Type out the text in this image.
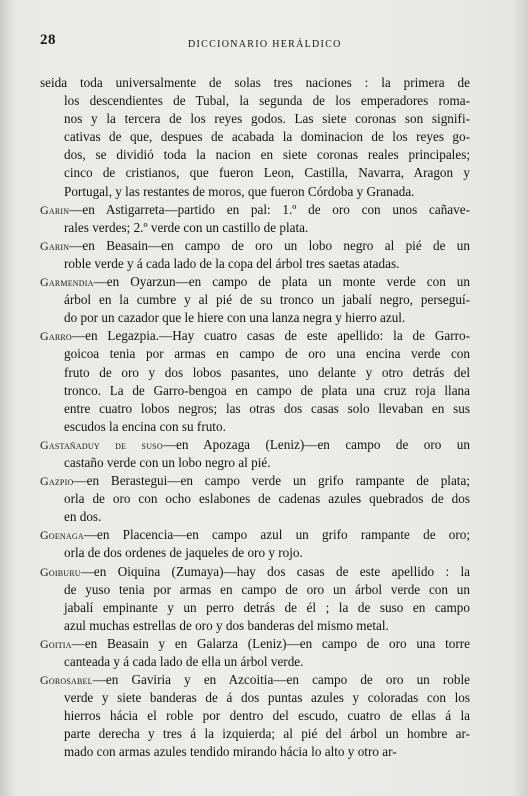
28	DICCIONARIO HERÁLDICO
seida toda universalmente de solas tres naciones : la primera de
los descendientes de Tubal, la segunda de los emperadores roma-
nos y la tercera de los reyes godos. Las siete coronas son signifi-
cativas de que, despues de acabada la dominacion de los reyes go-
dos, se dividió toda la nacion en siete coronas reales principales;
cinco de cristianos, que fueron Leon, Castilla, Navarra, Aragon y
Portugal, y las restantes de moros, que fueron Córdoba y Granada.
Garin—en Astigarreta—partido en pal: 1.º de oro con unos cañave-
rales verdes; 2.º verde con un castillo de plata.
Garin—en Beasain—en campo de oro un lobo negro al pié de un
roble verde y á cada lado de la copa del árbol tres saetas atadas.
Garmendia—en Oyarzun—en campo de plata un monte verde con un
árbol en la cumbre y al pié de su tronco un jabalí negro, perseguí-
do por un cazador que le hiere con una lanza negra y hierro azul.
Garro—en Legazpia.—Hay cuatro casas de este apellido: la de Garro-
goicoa tenia por armas en campo de oro una encina verde con
fruto de oro y dos lobos pasantes, uno delante y otro detrás del
tronco. La de Garro-bengoa en campo de plata una cruz roja llana
entre cuatro lobos negros; las otras dos casas solo llevaban en sus
escudos la encina con su fruto.
Gastañaduy de suso—en Apozaga (Leniz)—en campo de oro un
castaño verde con un lobo negro al pié.
Gazpio—en Berastegui—en campo verde un grifo rampante de plata;
orla de oro con ocho eslabones de cadenas azules quebrados de dos
en dos.
Goenaga—en Placencia—en campo azul un grifo rampante de oro;
orla de dos ordenes de jaqueles de oro y rojo.
Goiburu—en Oiquina (Zumaya)—hay dos casas de este apellido : la
de yuso tenia por armas en campo de oro un árbol verde con un
jabalí empinante y un perro detrás de él ; la de suso en campo
azul muchas estrellas de oro y dos banderas del mismo metal.
Goitia—en Beasain y en Galarza (Leniz)—en campo de oro una torre
canteada y á cada lado de ella un árbol verde.
Gorosabel—en Gaviria y en Azcoitia—en campo de oro un roble
verde y siete banderas de á dos puntas azules y coloradas con los
hierros hácia el roble por dentro del escudo, cuatro de ellas á la
parte derecha y tres á la izquierda; al pié del árbol un hombre ar-
mado con armas azules tendido mirando hácia lo alto y otro ar-
